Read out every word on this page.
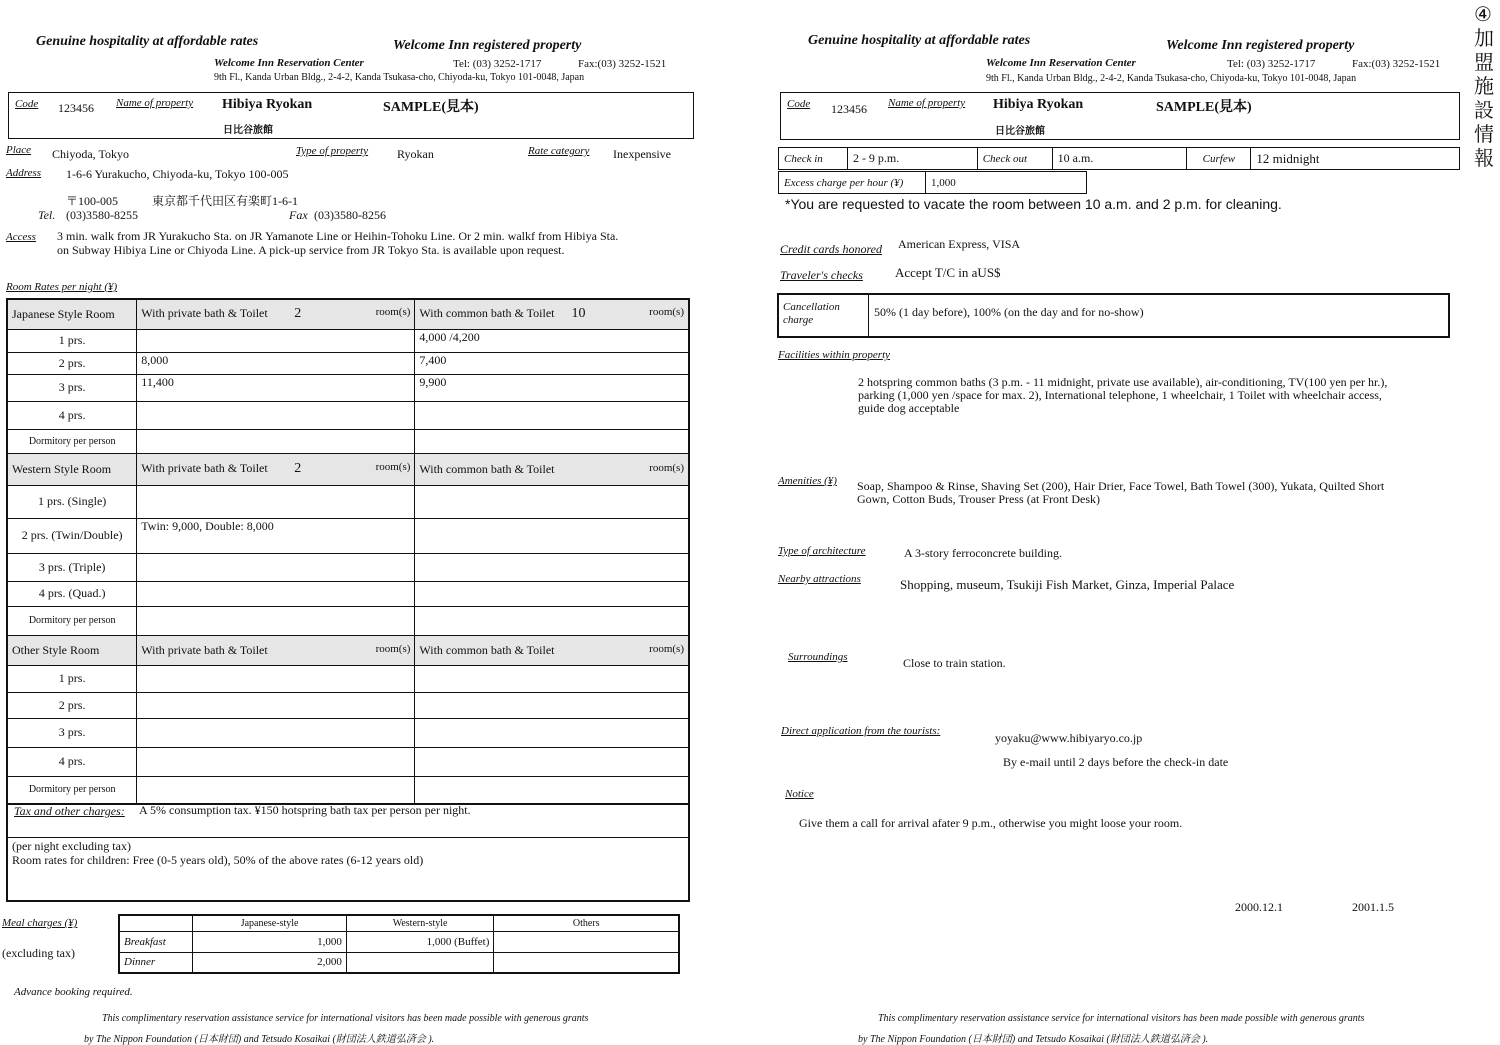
Genuine hospitality at affordable rates	Welcome Inn registered property
Welcome Inn Reservation Center	Tel: (03) 3252-1717	Fax:(03) 3252-1521
9th Fl., Kanda Urban Bldg., 2-4-2, Kanda Tsukasa-cho, Chiyoda-ku, Tokyo 101-0048, Japan
Code 123456 Name of property Hibiya Ryokan	SAMPLE(見本)
日比谷旅館
Place Chiyoda, Tokyo	Type of property Ryokan	Rate category Inexpensive
Address 1-6-6 Yurakucho, Chiyoda-ku, Tokyo 100-005
〒100-005	東京都千代田区有楽町1-6-1
Tel. (03)3580-8255	Fax (03)3580-8256
Access 3 min. walk from JR Yurakucho Sta. on JR Yamanote Line or Heihin-Tohoku Line. Or 2 min. walkf from Hibiya Sta.
on Subway Hibiya Line or Chiyoda Line. A pick-up service from JR Tokyo Sta. is available upon request.
Room Rates per night (¥)
Japanese Style Room	With private bath & Toilet 2 room(s)	With common bath & Toilet 10 room(s)

1 prs.		4,000 /4,200
2 prs.	8,000	7,400
3 prs.	11,400	9,900
4 prs.		
Dormitory per person		
Western Style Room	With private bath & Toilet 2 room(s)	With common bath & Toilet room(s)

1 prs. (Single)		
2 prs. (Twin/Double)	Twin: 9,000, Double: 8,000	
3 prs. (Triple)		
4 prs. (Quad.)		
Dormitory per person		
Other Style Room	With private bath & Toilet room(s)	With common bath & Toilet room(s)

1 prs.		
2 prs.		
3 prs.		
4 prs.		
Dormitory per person		
Tax and other charges: A 5% consumption tax. ¥150 hotspring bath tax per person per night.
(per night excluding tax)
Room rates for children: Free (0-5 years old), 50% of the above rates (6-12 years old)
Meal charges (¥)
(excluding tax)
	Japanese-style	Western-style	Others
Breakfast	1,000	1,000 (Buffet)	
Dinner	2,000		
Advance booking required.
This complimentary reservation assistance service for international visitors has been made possible with generous grants
by The Nippon Foundation (日本財団) and Tetsudo Kosaikai (財団法人鉄道弘済会 ).
Genuine hospitality at affordable rates	Welcome Inn registered property
Welcome Inn Reservation Center	Tel: (03) 3252-1717	Fax:(03) 3252-1521
9th Fl., Kanda Urban Bldg., 2-4-2, Kanda Tsukasa-cho, Chiyoda-ku, Tokyo 101-0048, Japan
Code 123456 Name of property Hibiya Ryokan	SAMPLE(見本)
日比谷旅館
Check in	2 - 9 p.m.	Check out	10 a.m.	Curfew	12 midnight
Excess charge per hour (¥)	1,000
*You are requested to vacate the room between 10 a.m. and 2 p.m. for cleaning.
Credit cards honored American Express, VISA
Traveler's checks Accept T/C in aUS$
Cancellation charge
50% (1 day before), 100% (on the day and for no-show)
Facilities within property
2 hotspring common baths (3 p.m. - 11 midnight, private use available), air-conditioning, TV(100 yen per hr.),
parking (1,000 yen /space for max. 2), International telephone, 1 wheelchair, 1 Toilet with wheelchair access,
guide dog acceptable
Amenities (¥) Soap, Shampoo & Rinse, Shaving Set (200), Hair Drier, Face Towel, Bath Towel (300), Yukata, Quilted Short
Gown, Cotton Buds, Trouser Press (at Front Desk)
Type of architecture	A 3-story ferroconcrete building.
Nearby attractions	Shopping, museum, Tsukiji Fish Market, Ginza, Imperial Palace
Surroundings	Close to train station.
Direct application from the tourists:	yoyaku@www.hibiyaryo.co.jp
By e-mail until 2 days before the check-in date
Notice
Give them a call for arrival afater 9 p.m., otherwise you might loose your room.
2000.12.1	2001.1.5
This complimentary reservation assistance service for international visitors has been made possible with generous grants
by The Nippon Foundation (日本財団) and Tetsudo Kosaikai (財団法人鉄道弘済会 ).
④加盟施設情報
